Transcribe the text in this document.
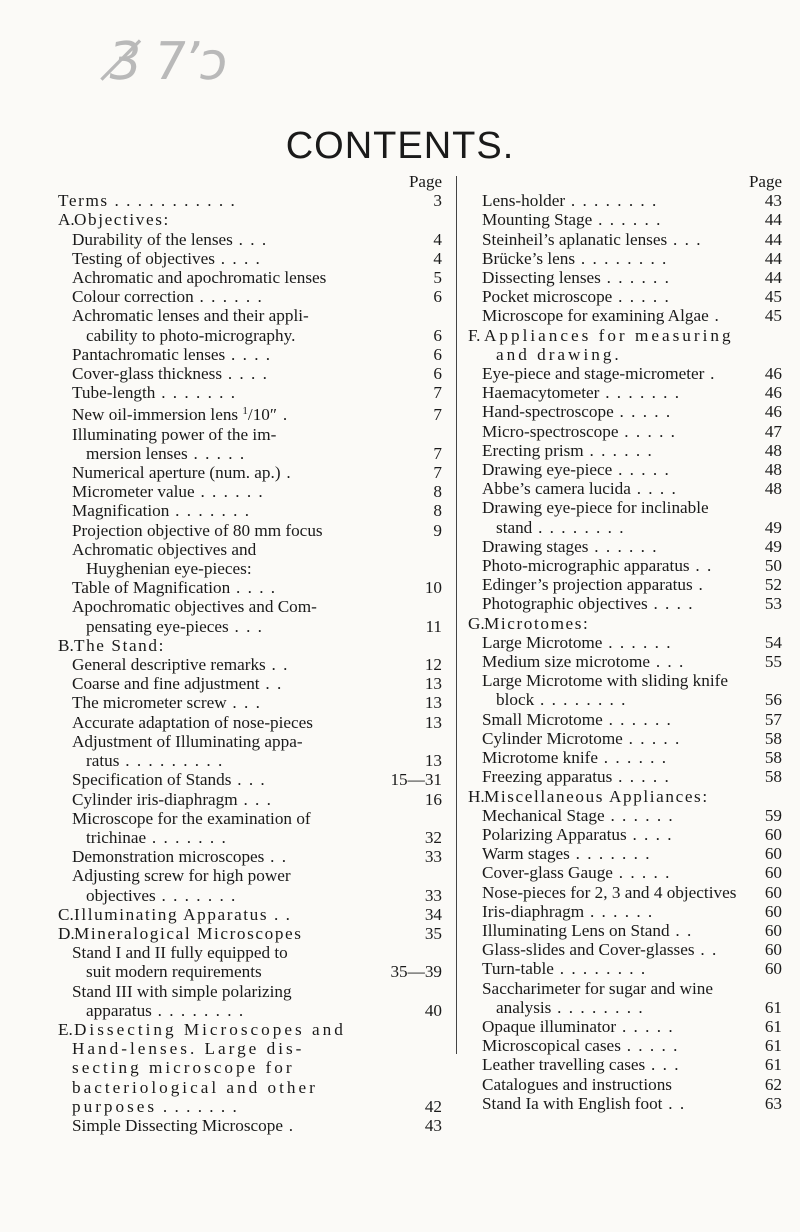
3̸ 7’ɔ
CONTENTS.
Page
Terms . . . . . . . . . . .	3
A.Objectives:
Durability of the lenses . . .	4
Testing of objectives . . . .	4
Achromatic and apochromatic lenses	5
Colour correction . . . . . .	6
Achromatic lenses and their appli-
cability to photo-micrography.	6
Pantachromatic lenses . . . .	6
Cover-glass thickness . . . .	6
Tube-length . . . . . . .	7
New oil-immersion lens $^1$/10″ .	7
Illuminating power of the im-
mersion lenses . . . . .	7
Numerical aperture (num. ap.) .	7
Micrometer value . . . . . .	8
Magnification . . . . . . .	8
Projection objective of 80 mm focus	9
Achromatic objectives and
Huyghenian eye-pieces:
Table of Magnification . . . .	10
Apochromatic objectives and Com-
pensating eye-pieces . . .	11
B.The Stand:
General descriptive remarks . .	12
Coarse and fine adjustment . .	13
The micrometer screw . . .	13
Accurate adaptation of nose-pieces	13
Adjustment of Illuminating appa-
ratus . . . . . . . . .	13
Specification of Stands . . .	15—31
Cylinder iris-diaphragm . . .	16
Microscope for the examination of
trichinae . . . . . . .	32
Demonstration microscopes . .	33
Adjusting screw for high power
objectives . . . . . . .	33
C.Illuminating Apparatus . .	34
D.Mineralogical Microscopes	35
Stand I and II fully equipped to
suit modern requirements	35—39
Stand III with simple polarizing
apparatus . . . . . . . .	40
E.Dissecting Microscopes and
Hand-lenses. Large dis-
secting microscope for
bacteriological and other
purposes . . . . . . .	42
Simple Dissecting Microscope .	43
Page
Lens-holder . . . . . . . .	43
Mounting Stage . . . . . .	44
Steinheil’s aplanatic lenses . . .	44
Brücke’s lens . . . . . . . .	44
Dissecting lenses . . . . . .	44
Pocket microscope . . . . .	45
Microscope for examining Algae .	45
F. Appliances for measuring
and drawing.
Eye-piece and stage-micrometer .	46
Haemacytometer . . . . . . .	46
Hand-spectroscope . . . . .	46
Micro-spectroscope . . . . .	47
Erecting prism . . . . . .	48
Drawing eye-piece . . . . .	48
Abbe’s camera lucida . . . .	48
Drawing eye-piece for inclinable
stand . . . . . . . .	49
Drawing stages . . . . . .	49
Photo-micrographic apparatus . .	50
Edinger’s projection apparatus .	52
Photographic objectives . . . .	53
G.Microtomes:
Large Microtome . . . . . .	54
Medium size microtome . . .	55
Large Microtome with sliding knife
block . . . . . . . .	56
Small Microtome . . . . . .	57
Cylinder Microtome . . . . .	58
Microtome knife . . . . . .	58
Freezing apparatus . . . . .	58
H.Miscellaneous Appliances:
Mechanical Stage . . . . . .	59
Polarizing Apparatus . . . .	60
Warm stages . . . . . . .	60
Cover-glass Gauge . . . . .	60
Nose-pieces for 2, 3 and 4 objectives	60
Iris-diaphragm . . . . . .	60
Illuminating Lens on Stand . .	60
Glass-slides and Cover-glasses . .	60
Turn-table . . . . . . . .	60
Saccharimeter for sugar and wine
analysis . . . . . . . .	61
Opaque illuminator . . . . .	61
Microscopical cases . . . . .	61
Leather travelling cases . . .	61
Catalogues and instructions	62
Stand Ia with English foot . .	63
